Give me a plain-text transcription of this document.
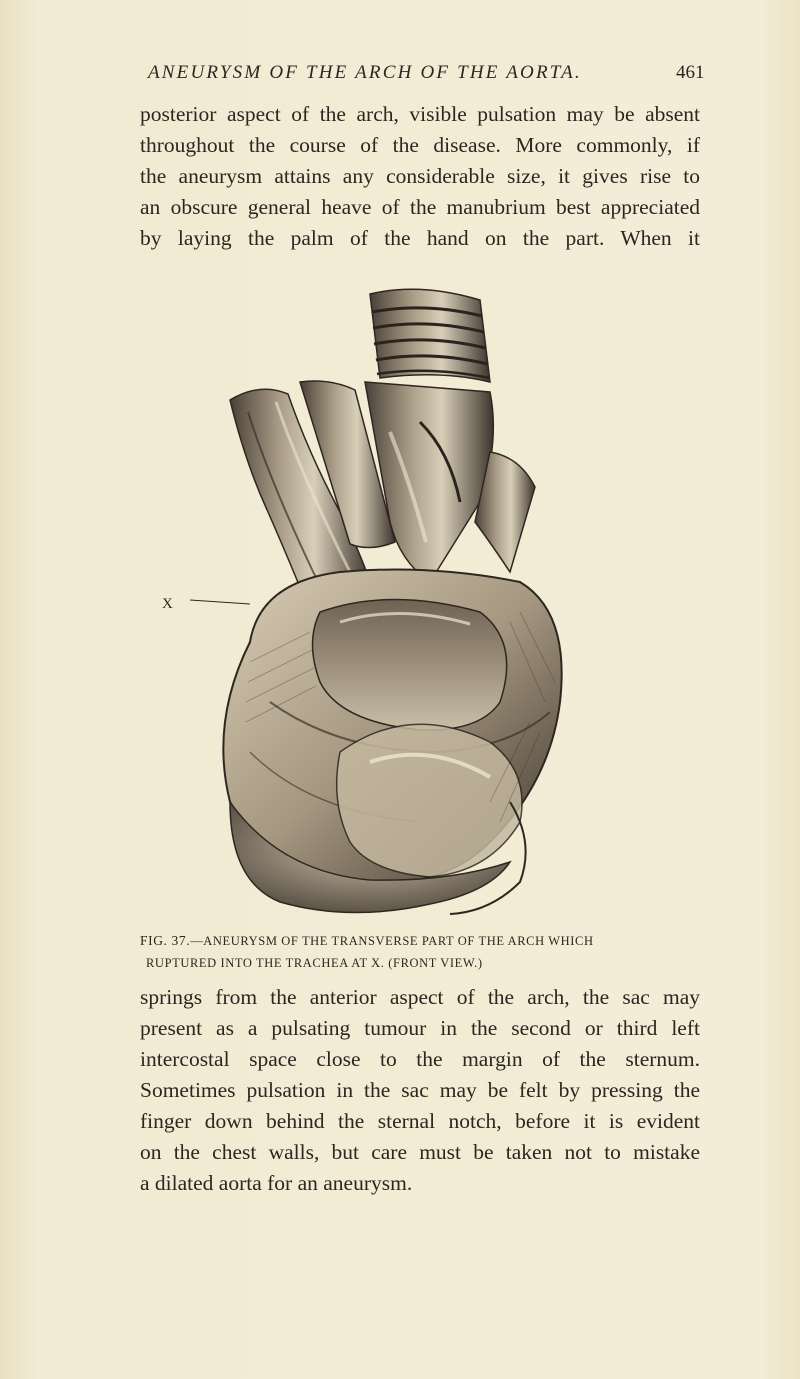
ANEURYSM OF THE ARCH OF THE AORTA.	461
posterior aspect of the arch, visible pulsation may be absent
throughout the course of the disease. More commonly, if
the aneurysm attains any considerable size, it gives rise to
an obscure general heave of the manubrium best appreciated
by laying the palm of the hand on the part. When it
X
FIG. 37.—ANEURYSM OF THE TRANSVERSE PART OF THE ARCH WHICH
RUPTURED INTO THE TRACHEA AT X. (FRONT VIEW.)
springs from the anterior aspect of the arch, the sac may
present as a pulsating tumour in the second or third left
intercostal space close to the margin of the sternum.
Sometimes pulsation in the sac may be felt by pressing the
finger down behind the sternal notch, before it is evident
on the chest walls, but care must be taken not to mistake
a dilated aorta for an aneurysm.
